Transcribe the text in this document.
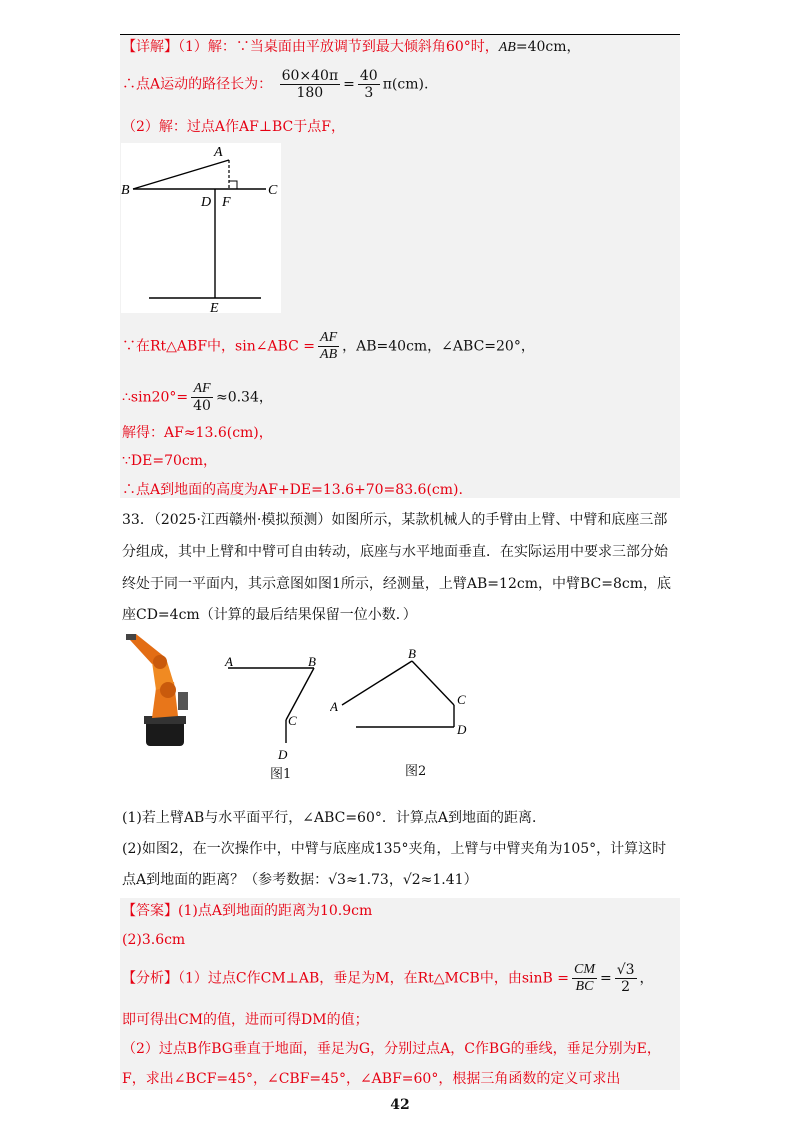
【详解】（1）解：∵当桌面由平放调节到最大倾斜角60°时，AB=40cm，
∴点A运动的路径长为： $\frac{60\times 40\pi}{180} = \frac{40}{3} \pi(cm)$.
（2）解：过点A作AF⊥BC于点F，
A
B	C
D F
E
∵在Rt△ABF中，sin∠ABC = $\frac{AF}{AB}$ ，AB=40cm，∠ABC=20°，
∴sin20°= $\frac{AF}{40} \approx 0.34$，
解得：AF≈13.6(cm)，
∵DE=70cm，
∴点A到地面的高度为AF+DE=13.6+70=83.6(cm).
33．（2025·江西赣州·模拟预测）如图所示，某款机械人的手臂由上臂、中臂和底座三部
分组成，其中上臂和中臂可自由转动，底座与水平地面垂直．在实际运用中要求三部分始
终处于同一平面内，其示意图如图1所示，经测量，上臂AB=12cm，中臂BC=8cm，底
座CD=4cm（计算的最后结果保留一位小数．）
A	B
C
D
图1
A
B
C
D
图2
(1)若上臂AB与水平面平行，∠ABC=60°．计算点A到地面的距离．
(2)如图2，在一次操作中，中臂与底座成135°夹角，上臂与中臂夹角为105°，计算这时
点A到地面的距离？（参考数据：√3≈1.73，√2≈1.41）
【答案】(1)点A到地面的距离为10.9cm
(2)3.6cm
【分析】（1）过点C作CM⊥AB，垂足为M，在Rt△MCB中，由$\sin B = \frac{CM}{BC} = \frac{√3}{2}$ ，
即可得出CM的值，进而可得DM的值；
（2）过点B作BG垂直于地面，垂足为G，分别过点A，C作BG的垂线，垂足分别为E，
F，求出∠BCF=45°，∠CBF=45°，∠ABF=60°，根据三角函数的定义可求出
42
